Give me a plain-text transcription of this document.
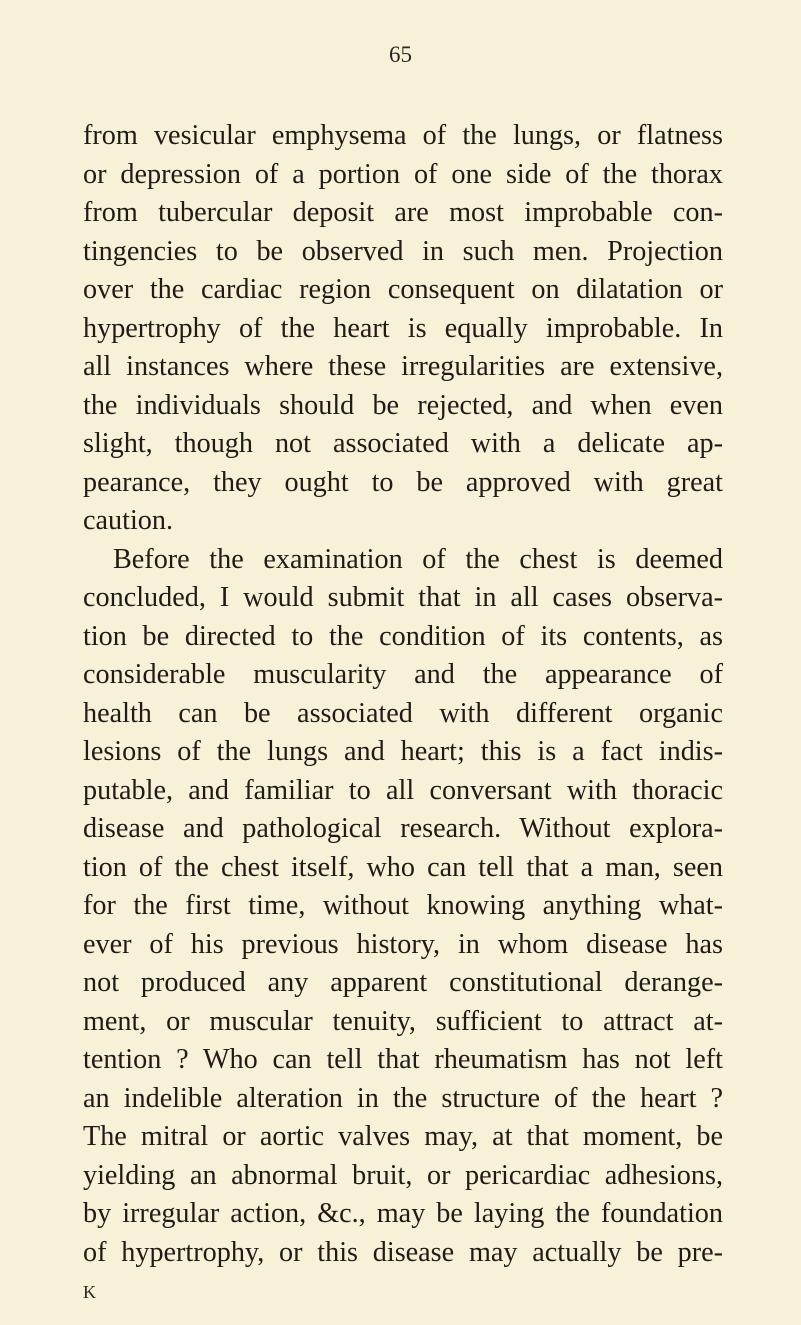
65
from vesicular emphysema of the lungs, or flatness
or depression of a portion of one side of the thorax
from tubercular deposit are most improbable con-
tingencies to be observed in such men. Projection
over the cardiac region consequent on dilatation or
hypertrophy of the heart is equally improbable. In
all instances where these irregularities are extensive,
the individuals should be rejected, and when even
slight, though not associated with a delicate ap-
pearance, they ought to be approved with great
caution.
Before the examination of the chest is deemed
concluded, I would submit that in all cases observa-
tion be directed to the condition of its contents, as
considerable muscularity and the appearance of
health can be associated with different organic
lesions of the lungs and heart; this is a fact indis-
putable, and familiar to all conversant with thoracic
disease and pathological research. Without explora-
tion of the chest itself, who can tell that a man, seen
for the first time, without knowing anything what-
ever of his previous history, in whom disease has
not produced any apparent constitutional derange-
ment, or muscular tenuity, sufficient to attract at-
tention ? Who can tell that rheumatism has not left
an indelible alteration in the structure of the heart ?
The mitral or aortic valves may, at that moment, be
yielding an abnormal bruit, or pericardiac adhesions,
by irregular action, &c., may be laying the foundation
of hypertrophy, or this disease may actually be pre-
K
